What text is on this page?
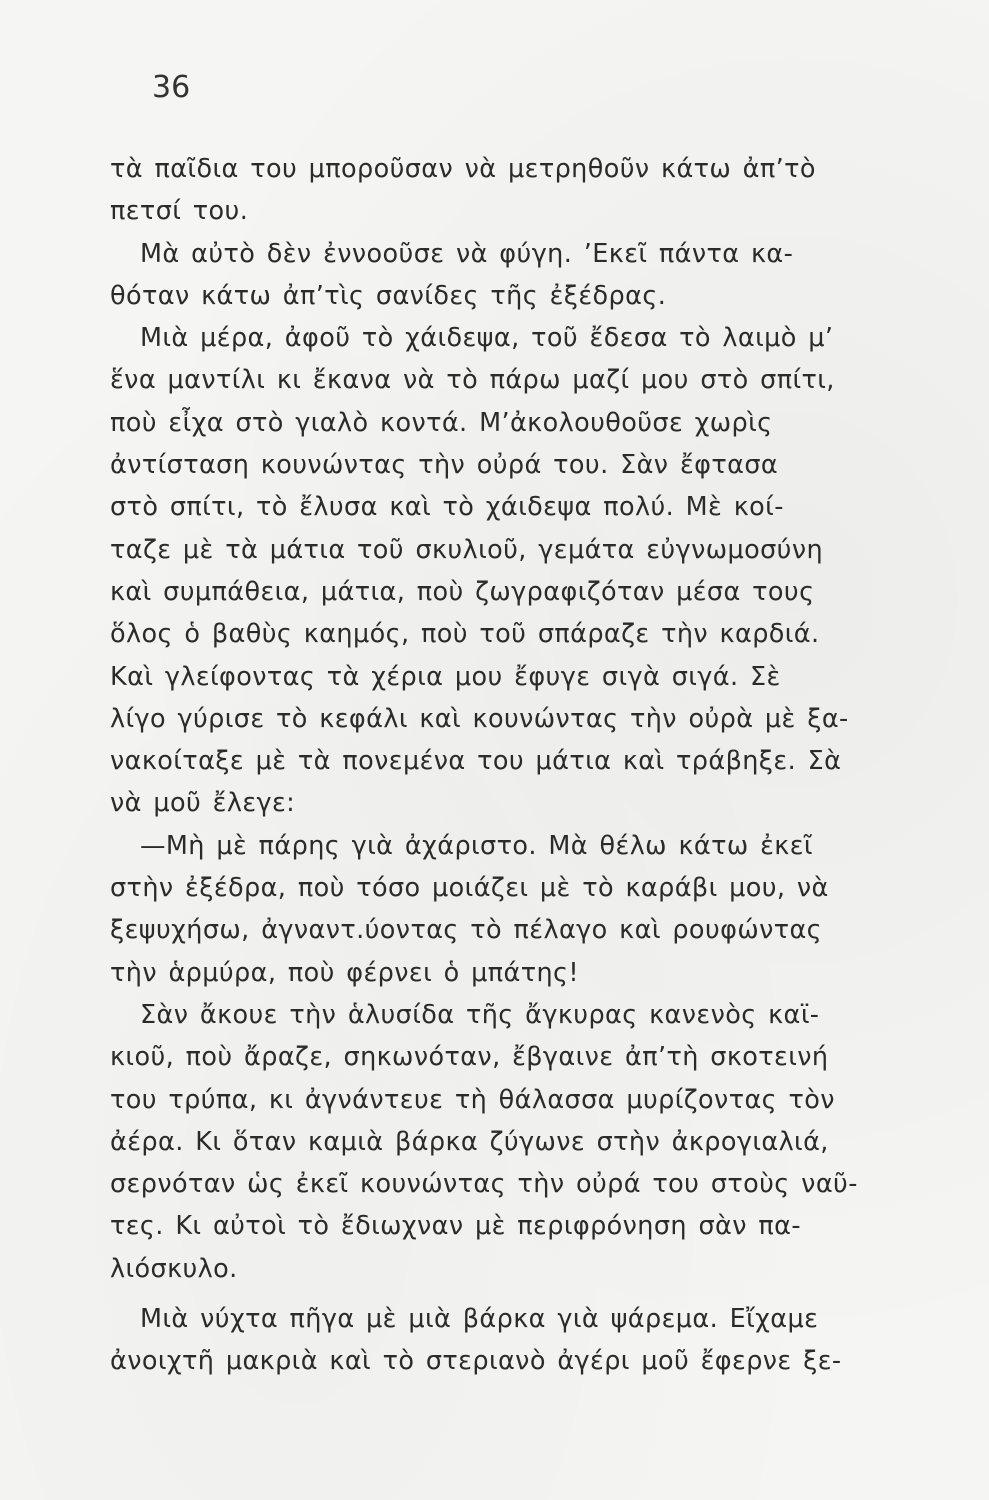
36
τὰ παῖδια του μποροῦσαν νὰ μετρηθοῦν κάτω ἀπ’τὸ
πετσί του.
Μὰ αὐτὸ δὲν ἐννοοῦσε νὰ φύγη. ’Εκεῖ πάντα κα-
θόταν κάτω ἀπ’τὶς σανίδες τῆς ἐξέδρας.
Μιὰ μέρα, ἀφοῦ τὸ χάιδεψα, τοῦ ἔδεσα τὸ λαιμὸ μ’
ἕνα μαντίλι κι ἔκανα νὰ τὸ πάρω μαζί μου στὸ σπίτι,
ποὺ εἶχα στὸ γιαλὸ κοντά. Μ’ἀκολουθοῦσε χωρὶς
ἀντίσταση κουνώντας τὴν οὐρά του. Σὰν ἔφτασα
στὸ σπίτι, τὸ ἔλυσα καὶ τὸ χάιδεψα πολύ. Μὲ κοί-
ταζε μὲ τὰ μάτια τοῦ σκυλιοῦ, γεμάτα εὐγνωμοσύνη
καὶ συμπάθεια, μάτια, ποὺ ζωγραφιζόταν μέσα τους
ὅλος ὁ βαθὺς καημός, ποὺ τοῦ σπάραζε τὴν καρδιά.
Καὶ γλείφοντας τὰ χέρια μου ἔφυγε σιγὰ σιγά. Σὲ
λίγο γύρισε τὸ κεφάλι καὶ κουνώντας τὴν οὐρὰ μὲ ξα-
νακοίταξε μὲ τὰ πονεμένα του μάτια καὶ τράβηξε. Σὰ
νὰ μοῦ ἔλεγε:
—Μὴ μὲ πάρης γιὰ ἀχάριστο. Μὰ θέλω κάτω ἐκεῖ
στὴν ἐξέδρα, ποὺ τόσο μοιάζει μὲ τὸ καράβι μου, νὰ
ξεψυχήσω, ἀγναντ.ύοντας τὸ πέλαγο καὶ ρουφώντας
τὴν ἁρμύρα, ποὺ φέρνει ὁ μπάτης!
Σὰν ἄκουε τὴν ἁλυσίδα τῆς ἄγκυρας κανενὸς καϊ-
κιοῦ, ποὺ ἄραζε, σηκωνόταν, ἔβγαινε ἀπ’τὴ σκοτεινή
του τρύπα, κι ἀγνάντευε τὴ θάλασσα μυρίζοντας τὸν
ἀέρα. Κι ὅταν καμιὰ βάρκα ζύγωνε στὴν ἀκρογιαλιά,
σερνόταν ὡς ἐκεῖ κουνώντας τὴν οὐρά του στοὺς ναῦ-
τες. Κι αὐτοὶ τὸ ἔδιωχναν μὲ περιφρόνηση σὰν πα-
λιόσκυλο.
Μιὰ νύχτα πῆγα μὲ μιὰ βάρκα γιὰ ψάρεμα. Εἴχαμε
ἀνοιχτῆ μακριὰ καὶ τὸ στεριανὸ ἀγέρι μοῦ ἔφερνε ξε-
